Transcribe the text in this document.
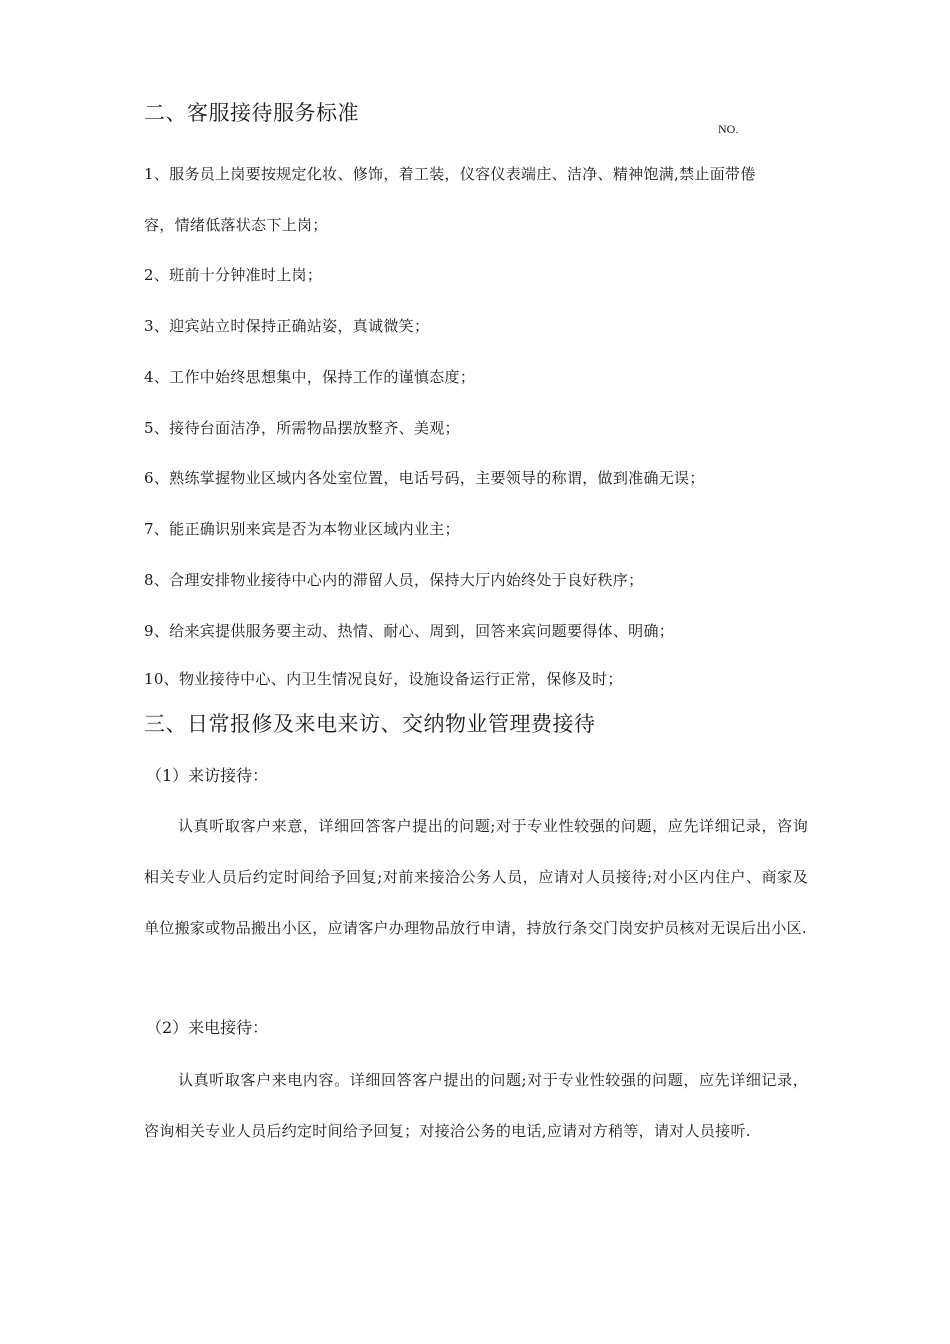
二、客服接待服务标准
NO.
1、服务员上岗要按规定化妆、修饰，着工装，仪容仪表端庄、洁净、精神饱满,禁止面带倦
容，情绪低落状态下上岗；
2、班前十分钟准时上岗；
3、迎宾站立时保持正确站姿，真诚微笑；
4、工作中始终思想集中，保持工作的谨慎态度；
5、接待台面洁净，所需物品摆放整齐、美观；
6、熟练掌握物业区域内各处室位置，电话号码，主要领导的称谓，做到准确无误；
7、能正确识别来宾是否为本物业区域内业主；
8、合理安排物业接待中心内的滞留人员，保持大厅内始终处于良好秩序；
9、给来宾提供服务要主动、热情、耐心、周到，回答来宾问题要得体、明确；
10、物业接待中心、内卫生情况良好，设施设备运行正常，保修及时；
三、日常报修及来电来访、交纳物业管理费接待
（1）来访接待：
认真听取客户来意，详细回答客户提出的问题;对于专业性较强的问题，应先详细记录，咨询相关专业人员后约定时间给予回复;对前来接洽公务人员，应请对人员接待;对小区内住户、商家及单位搬家或物品搬出小区，应请客户办理物品放行申请，持放行条交门岗安护员核对无误后出小区.
（2）来电接待：
认真听取客户来电内容。详细回答客户提出的问题;对于专业性较强的问题，应先详细记录，咨询相关专业人员后约定时间给予回复；对接洽公务的电话,应请对方稍等，请对人员接听.
